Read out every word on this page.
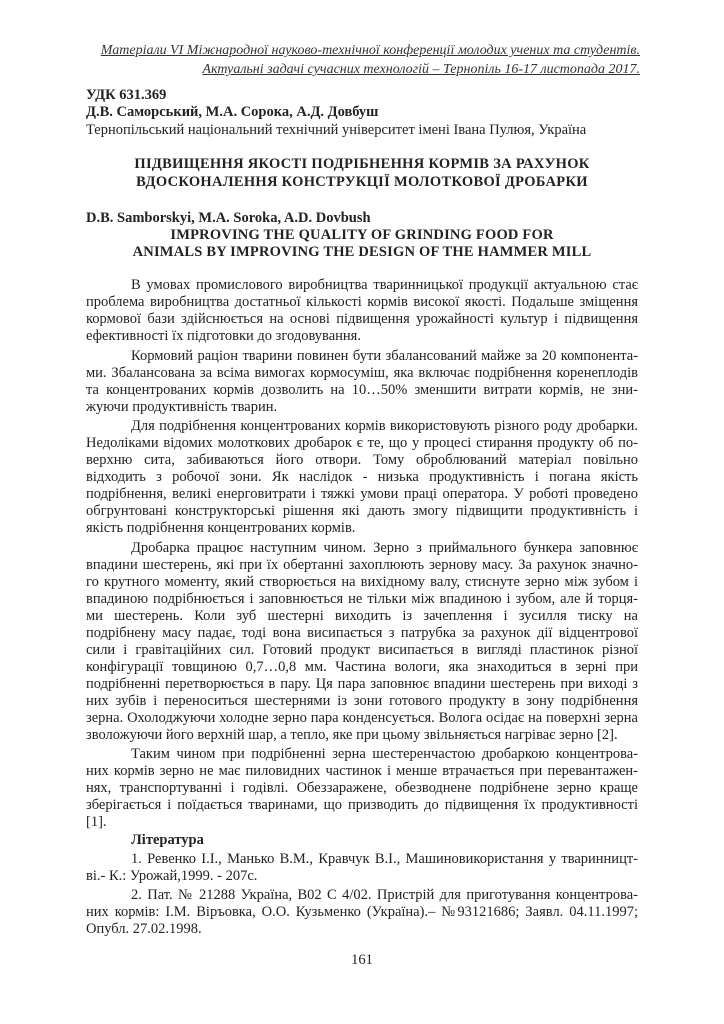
Матеріали VI Міжнародної науково-технічної конференції молодих учених та студентів.
Актуальні задачі сучасних технологій – Тернопіль 16-17 листопада 2017.
УДК 631.369
Д.В. Саморський, М.А. Сорока, А.Д. Довбуш
Тернопільський національний технічний університет імені Івана Пулюя, Україна
ПІДВИЩЕННЯ ЯКОСТІ ПОДРІБНЕННЯ КОРМІВ ЗА РАХУНОК
ВДОСКОНАЛЕННЯ КОНСТРУКЦІЇ МОЛОТКОВОЇ ДРОБАРКИ
D.B. Samborskyi, M.A. Soroka, A.D. Dovbush
IMPROVING THE QUALITY OF GRINDING FOOD FOR
ANIMALS BY IMPROVING THE DESIGN OF THE HAMMER MILL
В умовах промислового виробництва тваринницької продукції актуальною стає
проблема виробництва достатньої кількості кормів високої якості. Подальше зміщення
кормової бази здійснюється на основі підвищення урожайності культур і підвищення
ефективності їх підготовки до згодовування.
Кормовий раціон тварини повинен бути збалансований майже за 20 компонента-
ми. Збалансована за всіма вимогах кормосуміш, яка включає подрібнення коренеплодів
та концентрованих кормів дозволить на 10…50% зменшити витрати кормів, не зни-
жуючи продуктивність тварин.
Для подрібнення концентрованих кормів використовують різного роду дробарки.
Недоліками відомих молоткових дробарок є те, що у процесі стирання продукту об по-
верхню сита, забиваються його отвори. Тому оброблюваний матеріал повільно
відходить з робочої зони. Як наслідок - низька продуктивність і погана якість
подрібнення, великі енерговитрати і тяжкі умови праці оператора. У роботі проведено
обгрунтовані конструкторські рішення які дають змогу підвищити продуктивність і
якість подрібнення концентрованих кормів.
Дробарка працює наступним чином. Зерно з приймального бункера заповнює
впадини шестерень, які при їх обертанні захоплюють зернову масу. За рахунок значно-
го крутного моменту, який створюється на вихідному валу, стиснуте зерно між зубом і
впадиною подрібнюється і заповнюється не тільки між впадиною і зубом, але й торця-
ми шестерень. Коли зуб шестерні виходить із зачеплення і зусилля тиску на
подрібнену масу падає, тоді вона висипається з патрубка за рахунок дії відцентрової
сили і гравітаційних сил. Готовий продукт висипається в вигляді пластинок різної
конфігурації товщиною 0,7…0,8 мм. Частина вологи, яка знаходиться в зерні при
подрібненні перетворюється в пару. Ця пара заповнює впадини шестерень при виході з
них зубів і переноситься шестернями із зони готового продукту в зону подрібнення
зерна. Охолоджуючи холодне зерно пара конденсується. Волога осідає на поверхні зерна
зволожуючи його верхній шар, а тепло, яке при цьому звільняється нагріває зерно [2].
Таким чином при подрібненні зерна шестеренчастою дробаркою концентрова-
них кормів зерно не має пиловидних частинок і менше втрачається при перевантажен-
нях, транспортуванні і годівлі. Обеззаражене, обезводнене подрібнене зерно краще
зберігається і поїдається тваринами, що призводить до підвищення їх продуктивності
[1].
Література
1. Ревенко І.І., Манько В.М., Кравчук В.І., Машиновикористання у тваринницт-
ві.- К.: Урожай,1999. - 207с.
2. Пат. № 21288 Україна, В02 С 4/02. Пристрій для приготування концентрова-
них кормів: І.М. Віръовка, О.О. Кузьменко (Україна).– №93121686; Заявл. 04.11.1997;
Опубл. 27.02.1998.
161
